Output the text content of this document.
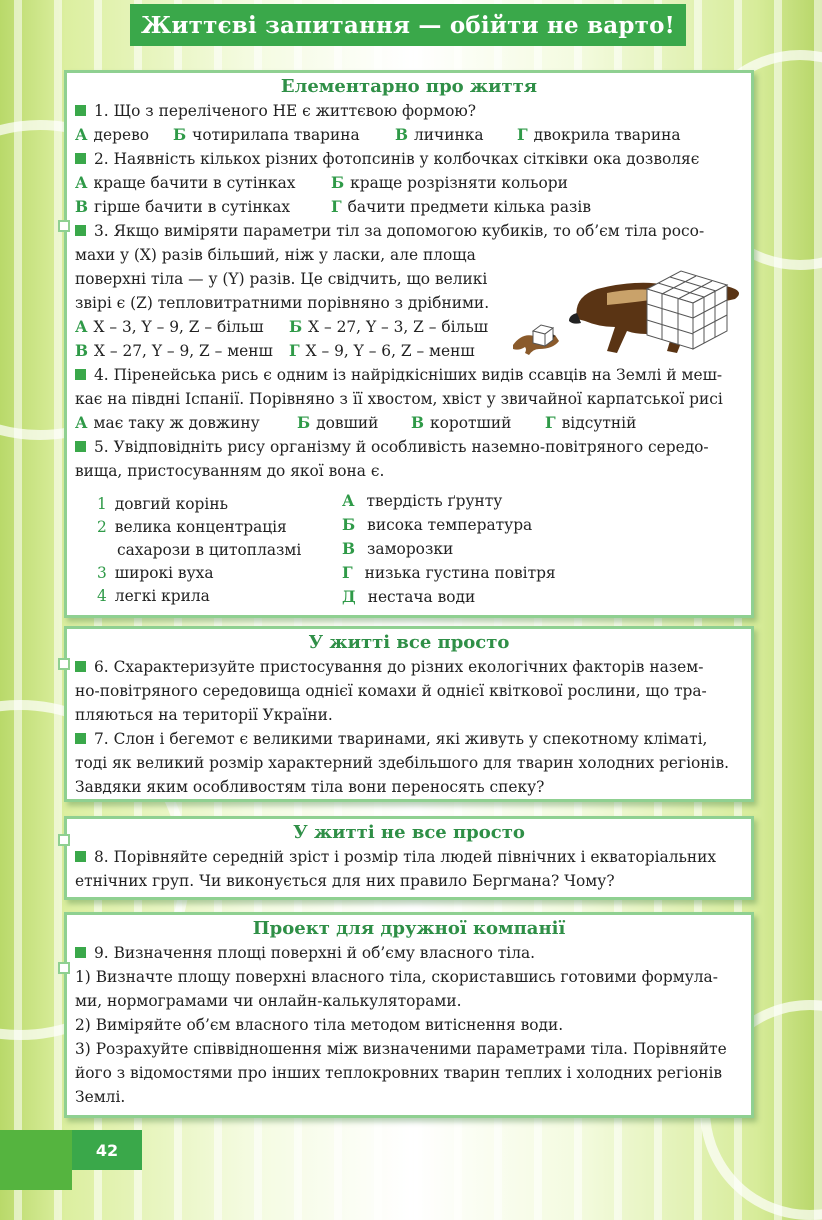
Життєві запитання — обійти не варто!
Елементарно про життя
1. Що з переліченого НЕ є життєвою формою?
А дерево Б чотирилапа тварина В личинка Г двокрила тварина
2. Наявність кількох різних фотопсинів у колбочках сітківки ока дозволяє
А краще бачити в сутінках Б краще розрізняти кольори
В гірше бачити в сутінках	Г бачити предмети кілька разів
3. Якщо виміряти параметри тіл за допомогою кубиків, то об’єм тіла росо-
махи у (X) разів більший, ніж у ласки, але площа
поверхні тіла — у (Y) разів. Це свідчить, що великі
звірі є (Z) тепловитратними порівняно з дрібними.
А X – 3, Y – 9, Z – більш Б X – 27, Y – 3, Z – більш
В X – 27, Y – 9, Z – менш Г X – 9, Y – 6, Z – менш
4. Піренейська рись є одним із найрідкісніших видів ссавців на Землі й меш-
кає на півдні Іспанії. Порівняно з її хвостом, хвіст у звичайної карпатської рисі
А має таку ж довжину Б довший В коротший Г відсутній
5. Увідповідніть рису організму й особливість наземно-повітряного середо-
вища, пристосуванням до якої вона є.
1 довгий корінь
2 велика концентрація
сахарози в цитоплазмі
3 широкі вуха
4 легкі крила
А твердість ґрунту
Б висока температура
В заморозки
Г низька густина повітря
Д нестача води
У житті все просто
6. Схарактеризуйте пристосування до різних екологічних факторів назем-
но-повітряного середовища однієї комахи й однієї квіткової рослини, що тра-
пляються на території України.
7. Слон і бегемот є великими тваринами, які живуть у спекотному кліматі,
тоді як великий розмір характерний здебільшого для тварин холодних регіонів.
Завдяки яким особливостям тіла вони переносять спеку?
У житті не все просто
8. Порівняйте середній зріст і розмір тіла людей північних і екваторіальних
етнічних груп. Чи виконується для них правило Бергмана? Чому?
Проект для дружної компанії
9. Визначення площі поверхні й об’єму власного тіла.
1) Визначте площу поверхні власного тіла, скориставшись готовими формула-
ми, нормограмами чи онлайн-калькуляторами.
2) Виміряйте об’єм власного тіла методом витіснення води.
3) Розрахуйте співвідношення між визначеними параметрами тіла. Порівняйте
його з відомостями про інших теплокровних тварин теплих і холодних регіонів
Землі.
42
